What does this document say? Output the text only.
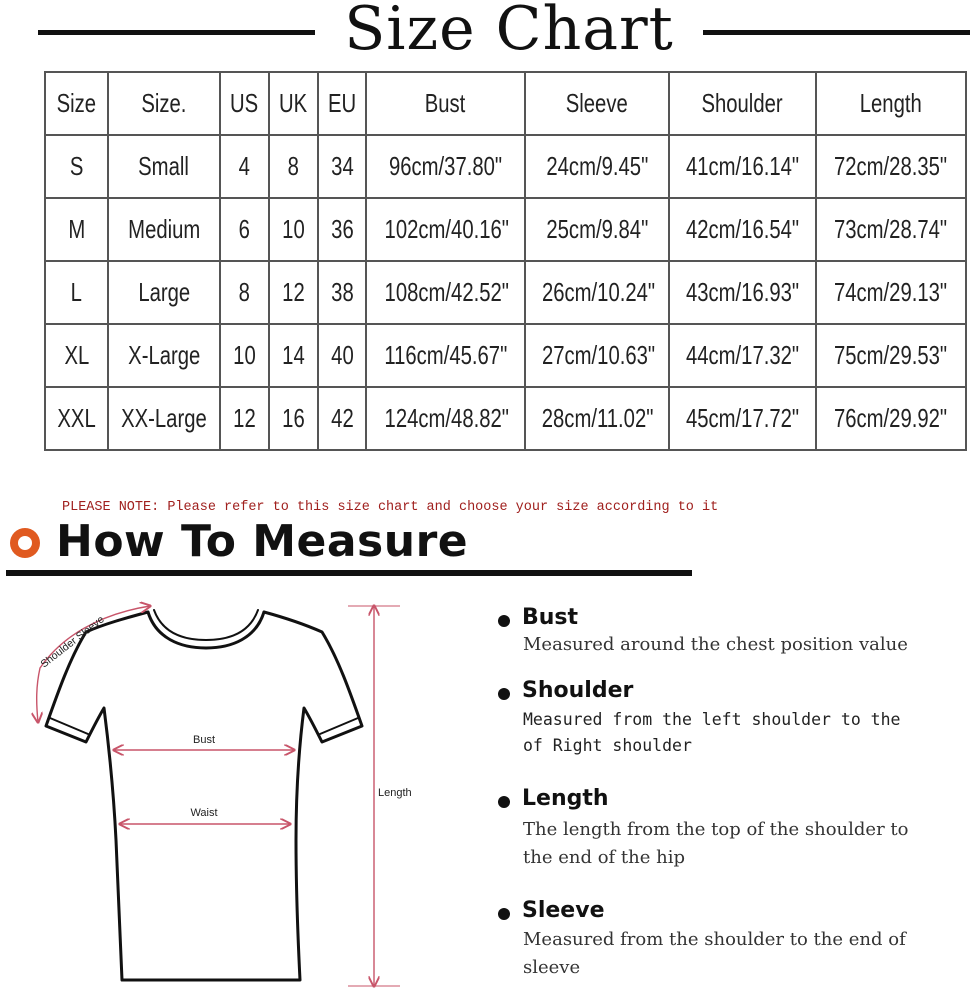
Size Chart
Size	Size.	US	UK	EU	Bust	Sleeve	Shoulder	Length
S	Small	4	8	34	96cm/37.80"	24cm/9.45"	41cm/16.14"	72cm/28.35"
M	Medium	6	10	36	102cm/40.16"	25cm/9.84"	42cm/16.54"	73cm/28.74"
L	Large	8	12	38	108cm/42.52"	26cm/10.24"	43cm/16.93"	74cm/29.13"
XL	X-Large	10	14	40	116cm/45.67"	27cm/10.63"	44cm/17.32"	75cm/29.53"
XXL	XX-Large	12	16	42	124cm/48.82"	28cm/11.02"	45cm/17.72"	76cm/29.92"
PLEASE NOTE: Please refer to this size chart and choose your size according to it
How To Measure
Shoulder Sleeve
Bust
Waist
Length
Bust
Measured around the chest position value
Shoulder
Measured from the left shoulder to the of Right shoulder
Length
The length from the top of the shoulder to the end of the hip
Sleeve
Measured from the shoulder to the end of sleeve
